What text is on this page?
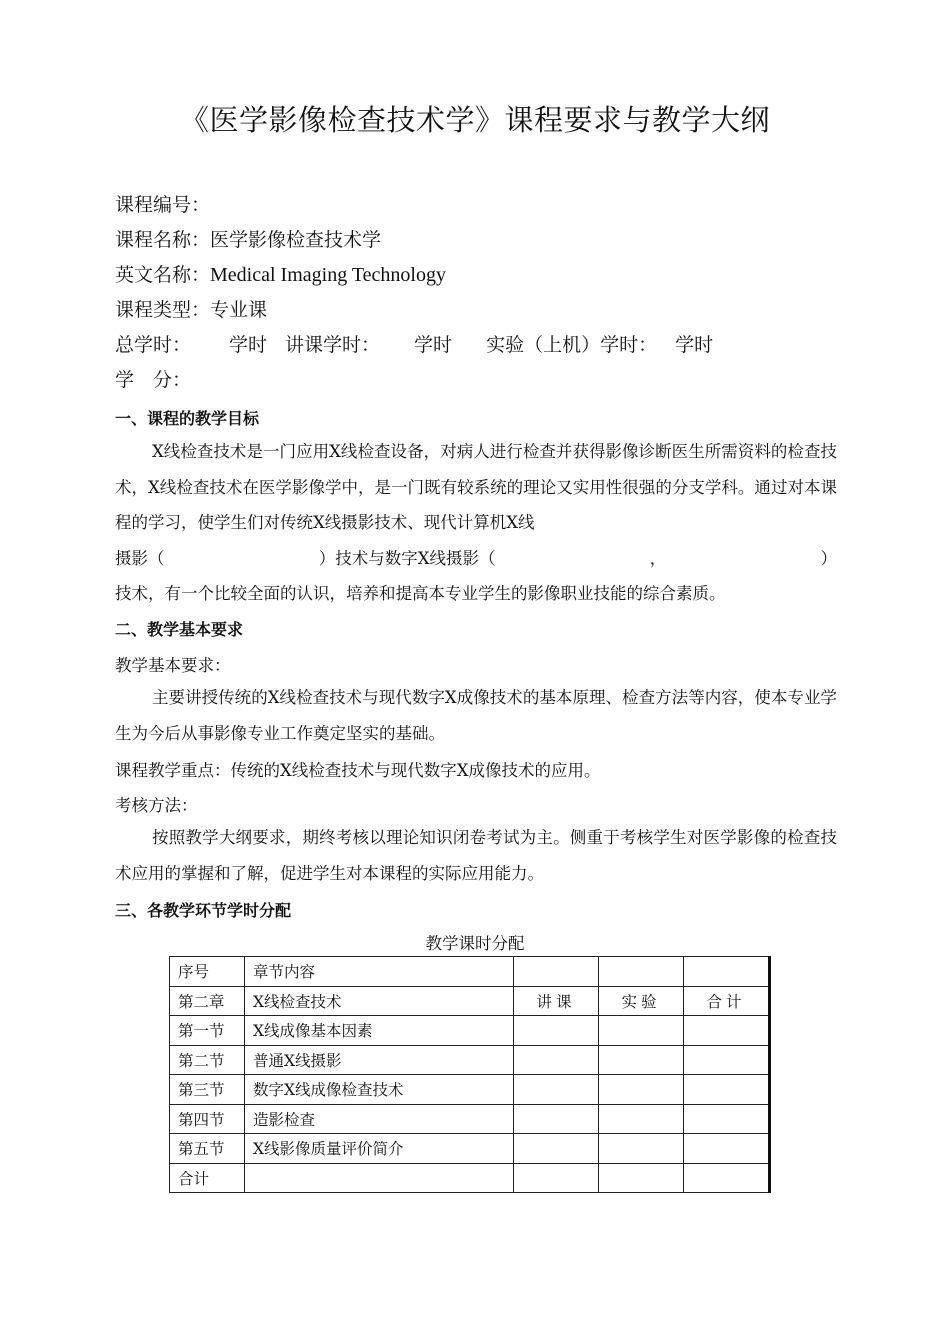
《医学影像检查技术学》课程要求与教学大纲
课程编号：
课程名称：医学影像检查技术学
英文名称：Medical Imaging Technology
课程类型：专业课
总学时： 学时 讲课学时： 学时 实验（上机）学时： 学时
学　分：
一、课程的教学目标
X线检查技术是一门应用X线检查设备，对病人进行检查并获得影像诊断医生所需资料的检查技术，X线检查技术在医学影像学中，是一门既有较系统的理论又实用性很强的分支学科。通过对本课程的学习，使学生们对传统X线摄影技术、现代计算机X线
摄影（	）技术与数字X线摄影（	，	）
技术，有一个比较全面的认识，培养和提高本专业学生的影像职业技能的综合素质。
二、教学基本要求
教学基本要求：
主要讲授传统的X线检查技术与现代数字X成像技术的基本原理、检查方法等内容，使本专业学生为今后从事影像专业工作奠定坚实的基础。
课程教学重点：传统的X线检查技术与现代数字X成像技术的应用。
考核方法：
按照教学大纲要求，期终考核以理论知识闭卷考试为主。侧重于考核学生对医学影像的检查技术应用的掌握和了解，促进学生对本课程的实际应用能力。
三、各教学环节学时分配
教学课时分配
序号	章节内容			
第二章	X线检查技术	讲课	实验	合计
第一节	X线成像基本因素			
第二节	普通X线摄影			
第三节	数字X线成像检查技术			
第四节	造影检查			
第五节	X线影像质量评价简介			
合计				
